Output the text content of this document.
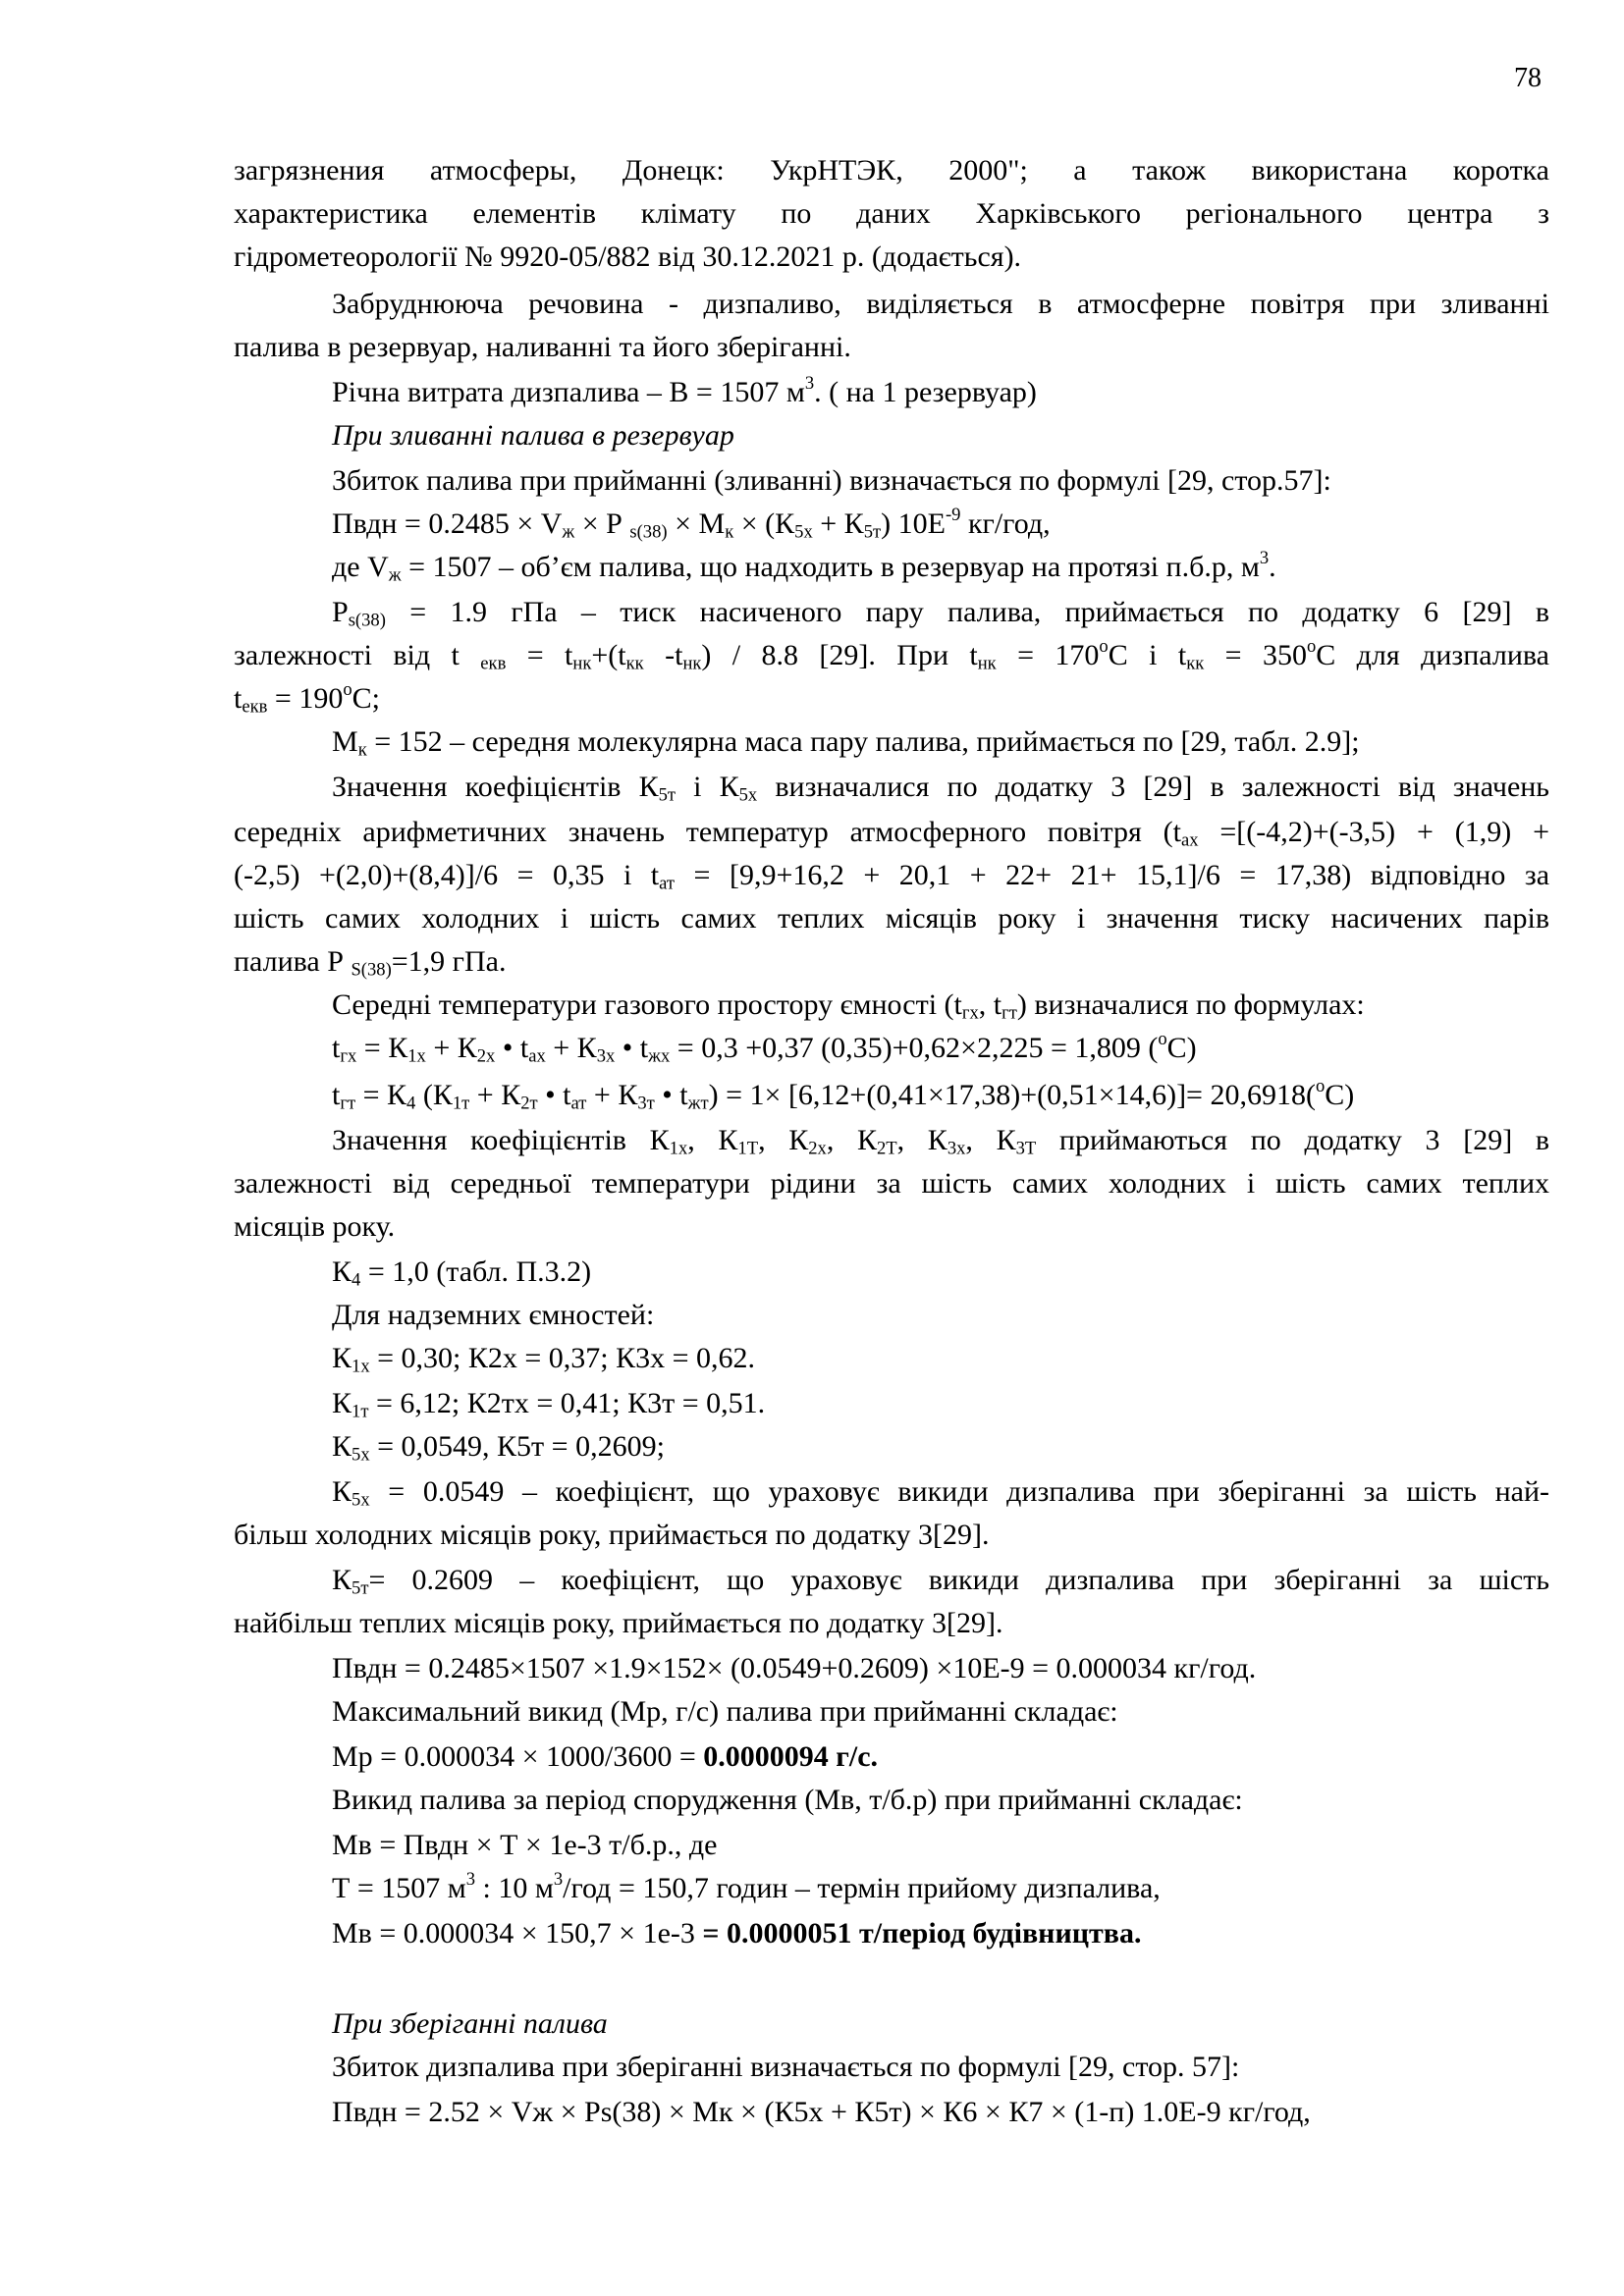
78
загрязнения атмосферы, Донецк: УкрНТЭК, 2000"; а також використана коротка
характеристика елементів клімату по даних Харківського регіонального центра з
гідрометеорології № 9920-05/882 від 30.12.2021 р. (додається).
Забруднююча речовина - дизпаливо, виділяється в атмосферне повітря при зливанні
палива в резервуар, наливанні та його зберіганні.
Річна витрата дизпалива – В = 1507 $м^3$. ( на 1 резервуар)
При зливанні палива в резервуар
Збиток палива при прийманні (зливанні) визначається по формулі [29, стор.57]:
Пвдн = $0.2485 \times V_ж \times Р$ $_{s(38)} \times М_к \times (К_{5х} + К_{5т})$ $10Е^{-9}$ кг/год,
де $V_ж = 1507$ – об’єм палива, що надходить в резервуар на протязі п.б.р, $м^3$.
$Р_{s(38)} = 1.9$ гПа – тиск насиченого пару палива, приймається по додатку 6 [29] в
залежності від t $_{екв} = t_{нк}+(t_{кк}$ $-t_{нк}) / 8.8$ [29]. При $t_{нк} = 170^оС$ і $t_{кк} = 350^оС$ для дизпалива
$t_{екв} = 190^оС$;
$М_к = 152$ – середня молекулярна маса пару палива, приймається по [29, табл. 2.9];
Значення коефіцієнтів $К_{5т}$ і $К_{5х}$ визначалися по додатку 3 [29] в залежності від значень
середніх арифметичних значень температур атмосферного повітря ($t_{ах} =[(-4,2)+(-3,5) + (1,9)$ +
(-2,5) +(2,0)+(8,4)]/6 = 0,35 і $t_{ат} = [9,9+16,2 + 20,1 + 22+ 21+ 15,1]/6 = 17,38$) відповідно за
шість самих холодних і шість самих теплих місяців року і значення тиску насичених парів
палива Р $_{S(38)}$=1,9 гПа.
Середні температури газового простору ємності ($t_{гх}$, $t_{гт}$) визначалися по формулах:
$t_{гх} = К_{1х} + К_{2х}$ • $t_{ах} + К_{3х}$ • $t_{жх} = 0,3 +0,37$ (0,35)+0,62×2,225 = 1,809 ($^о$С)
$t_{гт} = К_4$ ($К_{1т} + К_{2т}$ • $t_{ат} + К_{3т}$ • $t_{жт}) = 1\times [6,12+(0,41\times 17,38)+(0,51\times 14,6)]= 20,6918(^оС)$
Значення коефіцієнтів $К_{1х}$, $К_{1Т}$, $К_{2х}$, $К_{2Т}$, $К_{3х}$, $К_{3Т}$ приймаються по додатку 3 [29] в
залежності від середньої температури рідини за шість самих холодних і шість самих теплих
місяців року.
$К_4 = 1,0$ (табл. П.3.2)
Для надземних ємностей:
$К_{1х} = 0,30$; К2х = 0,37; К3х = 0,62.
$К_{1т} = 6,12$; К2тх = 0,41; К3т = 0,51.
$К_{5х} = 0,0549$, К5т = 0,2609;
$К_{5х} = 0.0549$ – коефіцієнт, що ураховує викиди дизпалива при зберіганні за шість най-
більш холодних місяців року, приймається по додатку 3[29].
$К_{5т}= 0.2609$ – коефіцієнт, що ураховує викиди дизпалива при зберіганні за шість
найбільш теплих місяців року, приймається по додатку 3[29].
Пвдн = 0.2485×1507 ×1.9×152× (0.0549+0.2609) ×10Е-9 = 0.000034 кг/год.
Максимальний викид (Мр, г/с) палива при прийманні складає:
Мр = 0.000034 × 1000/3600 = 0.0000094 г/с.
Викид палива за період спорудження (Мв, т/б.р) при прийманні складає:
Мв = Пвдн × Т × 1е-3 т/б.р., де
Т = 1507 $м^3$ : 10 $м^3$/год = 150,7 годин – термін прийому дизпалива,
Мв = 0.000034 × 150,7 × 1е-3 = 0.0000051 т/період будівництва.
При зберіганні палива
Збиток дизпалива при зберіганні визначається по формулі [29, стор. 57]:
Пвдн = 2.52 × Vж × Ps(38) × Mк × (К5х + К5т) × К6 × К7 × (1-п) 1.0Е-9 кг/год,
